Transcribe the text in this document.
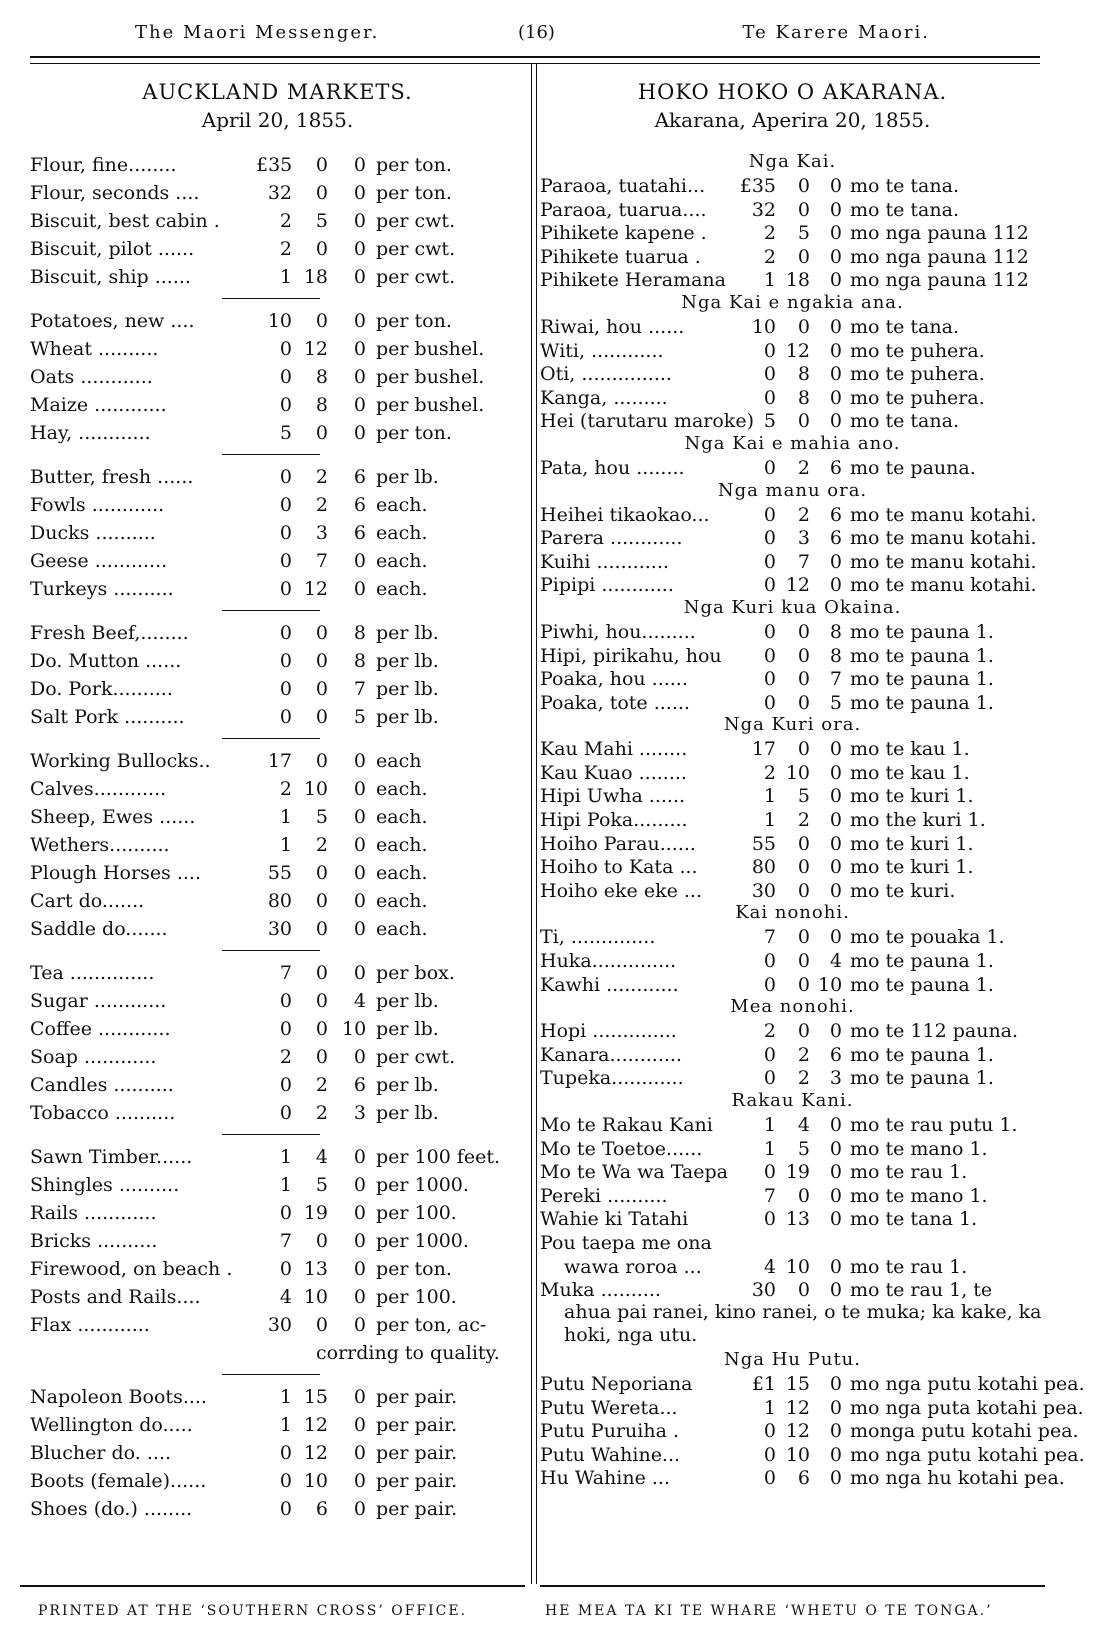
The Maori Messenger.	(16)	Te Karere Maori.
AUCKLAND MARKETS.
April 20, 1855.
Flour, fine........	£35	0	0 per ton.
Flour, seconds ....	32	0	0 per ton.
Biscuit, best cabin .	2	5	0 per cwt.
Biscuit, pilot ......	2	0	0 per cwt.
Biscuit, ship ......	1 18	0 per cwt.
Potatoes, new ....	10	0	0 per ton.
Wheat ..........	0 12	0 per bushel.
Oats ............	0	8	0 per bushel.
Maize ............	0	8	0 per bushel.
Hay, ............	5	0	0 per ton.
Butter, fresh ......	0	2	6 per lb.
Fowls ............	0	2	6 each.
Ducks ..........	0	3	6 each.
Geese ............	0	7	0 each.
Turkeys ..........	0 12	0 each.
Fresh Beef,........	0	0	8 per lb.
Do. Mutton ......	0	0	8 per lb.
Do. Pork..........	0	0	7 per lb.
Salt Pork ..........	0	0	5 per lb.
Working Bullocks..	17	0	0 each
Calves............	2 10	0 each.
Sheep, Ewes ......	1	5	0 each.
Wethers..........	1	2	0 each.
Plough Horses ....	55	0	0 each.
Cart do.......	80	0	0 each.
Saddle do.......	30	0	0 each.
Tea ..............	7	0	0 per box.
Sugar ............	0	0	4 per lb.
Coffee ............	0	0 10 per lb.
Soap ............	2	0	0 per cwt.
Candles ..........	0	2	6 per lb.
Tobacco ..........	0	2	3 per lb.
Sawn Timber......	1	4	0 per 100 feet.
Shingles ..........	1	5	0 per 1000.
Rails ............	0 19	0 per 100.
Bricks ..........	7	0	0 per 1000.
Firewood, on beach .	0 13	0 per ton.
Posts and Rails....	4 10	0 per 100.
Flax ............	30	0	0 per ton, ac-
corrding to quality.
Napoleon Boots....	1 15	0 per pair.
Wellington do.....	1 12	0 per pair.
Blucher do. ....	0 12	0 per pair.
Boots (female)......	0 10	0 per pair.
Shoes (do.) ........	0	6	0 per pair.
HOKO HOKO O AKARANA.
Akarana, Aperira 20, 1855.
Nga Kai.
Paraoa, tuatahi...	£35	0	0 mo te tana.
Paraoa, tuarua....	32	0	0 mo te tana.
Pihikete kapene .	2	5	0 mo nga pauna 112
Pihikete tuarua .	2	0	0 mo nga pauna 112
Pihikete Heramana	1 18	0 mo nga pauna 112
Nga Kai e ngakia ana.
Riwai, hou ......	10	0	0 mo te tana.
Witi, ............	0 12	0 mo te puhera.
Oti, ...............	0	8	0 mo te puhera.
Kanga, .........	0	8	0 mo te puhera.
Hei (tarutaru maroke) 5	0	0 mo te tana.
Nga Kai e mahia ano.
Pata, hou ........	0	2	6 mo te pauna.
Nga manu ora.
Heihei tikaokao...	0	2	6 mo te manu kotahi.
Parera ............	0	3	6 mo te manu kotahi.
Kuihi ............	0	7	0 mo te manu kotahi.
Pipipi ............	0 12	0 mo te manu kotahi.
Nga Kuri kua Okaina.
Piwhi, hou.........	0	0	8 mo te pauna 1.
Hipi, pirikahu, hou	0	0	8 mo te pauna 1.
Poaka, hou ......	0	0	7 mo te pauna 1.
Poaka, tote ......	0	0	5 mo te pauna 1.
Nga Kuri ora.
Kau Mahi ........	17	0	0 mo te kau 1.
Kau Kuao ........	2 10	0 mo te kau 1.
Hipi Uwha ......	1	5	0 mo te kuri 1.
Hipi Poka.........	1	2	0 mo the kuri 1.
Hoiho Parau......	55	0	0 mo te kuri 1.
Hoiho to Kata ...	80	0	0 mo te kuri 1.
Hoiho eke eke ...	30	0	0 mo te kuri.
Kai nonohi.
Ti, ..............	7	0	0 mo te pouaka 1.
Huka..............	0	0	4 mo te pauna 1.
Kawhi ............	0	0 10 mo te pauna 1.
Mea nonohi.
Hopi ..............	2	0	0 mo te 112 pauna.
Kanara............	0	2	6 mo te pauna 1.
Tupeka............	0	2	3 mo te pauna 1.
Rakau Kani.
Mo te Rakau Kani	1	4	0 mo te rau putu 1.
Mo te Toetoe......	1	5	0 mo te mano 1.
Mo te Wa wa Taepa	0 19	0 mo te rau 1.
Pereki ..........	7	0	0 mo te mano 1.
Wahie ki Tatahi	0 13	0 mo te tana 1.
Pou taepa me ona
wawa roroa ...	4 10	0 mo te rau 1.
Muka ..........	30	0	0 mo te rau 1, te
ahua pai ranei, kino ranei, o te muka; ka kake, ka hoki, nga utu.
Nga Hu Putu.
Putu Neporiana	£1 15	0 mo nga putu kotahi pea.
Putu Wereta...	1 12	0 mo nga puta kotahi pea.
Putu Puruiha .	0 12	0 monga putu kotahi pea.
Putu Wahine...	0 10	0 mo nga putu kotahi pea.
Hu Wahine ...	0	6	0 mo nga hu kotahi pea.
PRINTED AT THE ‘SOUTHERN CROSS’ OFFICE.	HE MEA TA KI TE WHARE ‘WHETU O TE TONGA.’
